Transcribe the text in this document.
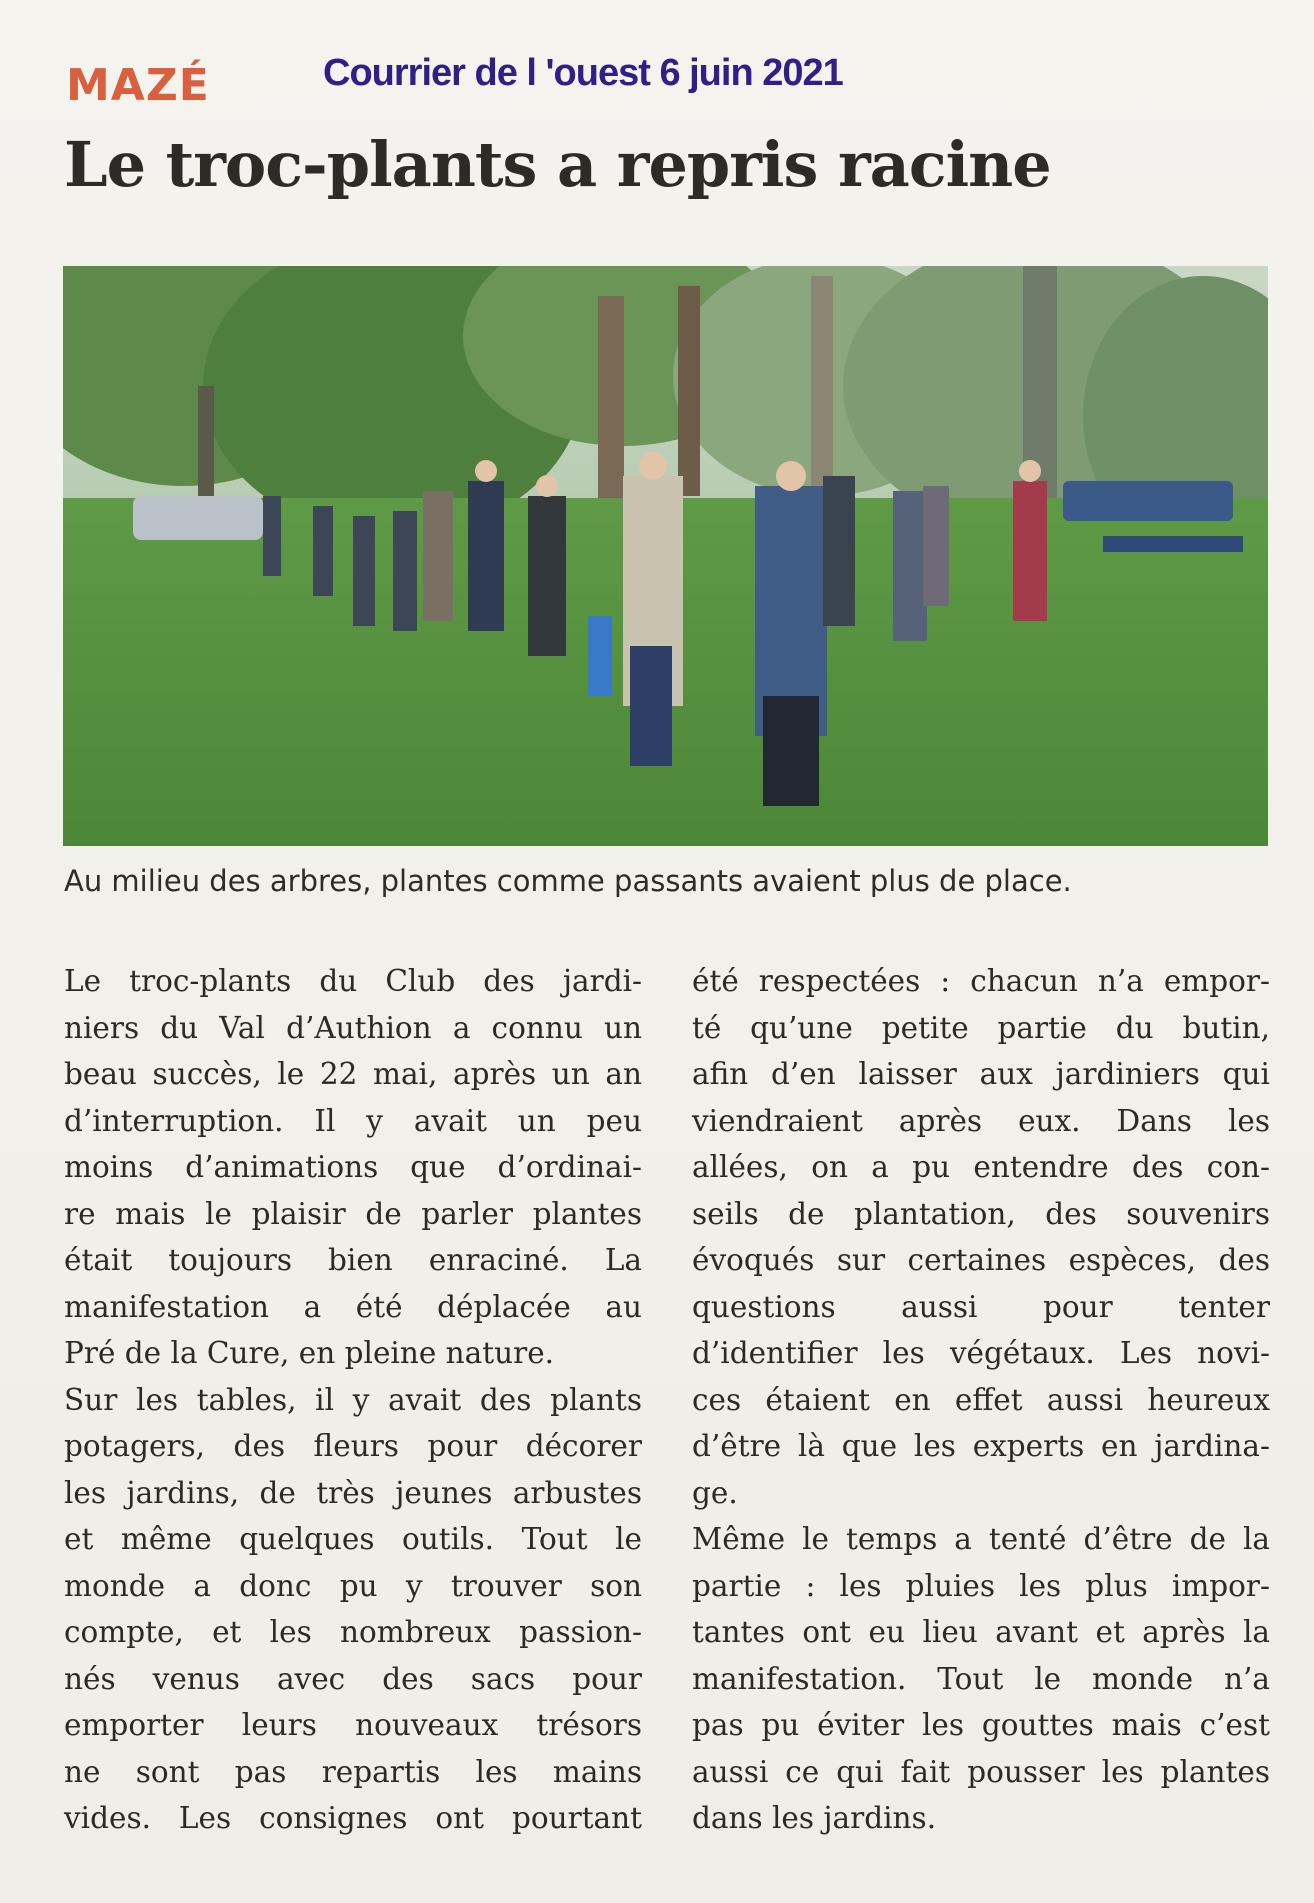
MAZÉ	Courrier de l 'ouest 6 juin 2021
Le troc-plants a repris racine
Au milieu des arbres, plantes comme passants avaient plus de place.
Le troc-plants du Club des jardi-
niers du Val d’Authion a connu un
beau succès, le 22 mai, après un an
d’interruption. Il y avait un peu
moins d’animations que d’ordinai-
re mais le plaisir de parler plantes
était toujours bien enraciné. La
manifestation a été déplacée au
Pré de la Cure, en pleine nature.
Sur les tables, il y avait des plants
potagers, des fleurs pour décorer
les jardins, de très jeunes arbustes
et même quelques outils. Tout le
monde a donc pu y trouver son
compte, et les nombreux passion-
nés venus avec des sacs pour
emporter leurs nouveaux trésors
ne sont pas repartis les mains
vides. Les consignes ont pourtant
été respectées : chacun n’a empor-
té qu’une petite partie du butin,
afin d’en laisser aux jardiniers qui
viendraient après eux. Dans les
allées, on a pu entendre des con-
seils de plantation, des souvenirs
évoqués sur certaines espèces, des
questions aussi pour tenter
d’identifier les végétaux. Les novi-
ces étaient en effet aussi heureux
d’être là que les experts en jardina-
ge.
Même le temps a tenté d’être de la
partie : les pluies les plus impor-
tantes ont eu lieu avant et après la
manifestation. Tout le monde n’a
pas pu éviter les gouttes mais c’est
aussi ce qui fait pousser les plantes
dans les jardins.
